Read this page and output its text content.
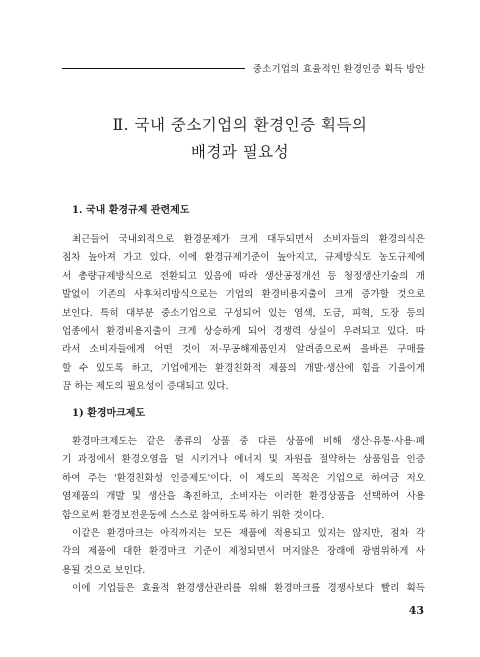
중소기업의 효율적인 환경인증 획득 방안
Ⅱ. 국내 중소기업의 환경인증 획득의
배경과 필요성
1. 국내 환경규제 관련제도
최근들어 국내외적으로 환경문제가 크게 대두되면서 소비자들의 환경의식은
점차 높아져 가고 있다. 이에 환경규제기준이 높아지고, 규제방식도 농도규제에
서 총량규제방식으로 전환되고 있음에 따라 생산공정개선 등 청정생산기술의 개
발없이 기존의 사후처리방식으로는 기업의 환경비용지출이 크게 증가할 것으로
보인다. 특히 대부분 중소기업으로 구성되어 있는 염색, 도금, 피혁, 도장 등의
업종에서 환경비용지출이 크게 상승하게 되어 경쟁력 상실이 우려되고 있다. 따
라서 소비자들에게 어떤 것이 저·무공해제품인지 알려줌으로써 올바른 구매를
할 수 있도록 하고, 기업에게는 환경친화적 제품의 개발·생산에 힘을 기울이게
끔 하는 제도의 필요성이 증대되고 있다.
1) 환경마크제도
환경마크제도는 같은 종류의 상품 중 다른 상품에 비해 생산·유통·사용·폐
기 과정에서 환경오염을 덜 시키거나 에너지 및 자원을 절약하는 상품임을 인증
하여 주는 '환경친화성 인증제도'이다. 이 제도의 목적은 기업으로 하여금 저오
염제품의 개발 및 생산을 촉진하고, 소비자는 이러한 환경상품을 선택하여 사용
함으로써 환경보전운동에 스스로 참여하도록 하기 위한 것이다.
이같은 환경마크는 아직까지는 모든 제품에 적용되고 있지는 않지만, 점차 각
각의 제품에 대한 환경마크 기준이 제정되면서 머지않은 장래에 광범위하게 사
용될 것으로 보인다.
이에 기업들은 효율적 환경생산관리를 위해 환경마크를 경쟁사보다 빨리 획득
43
